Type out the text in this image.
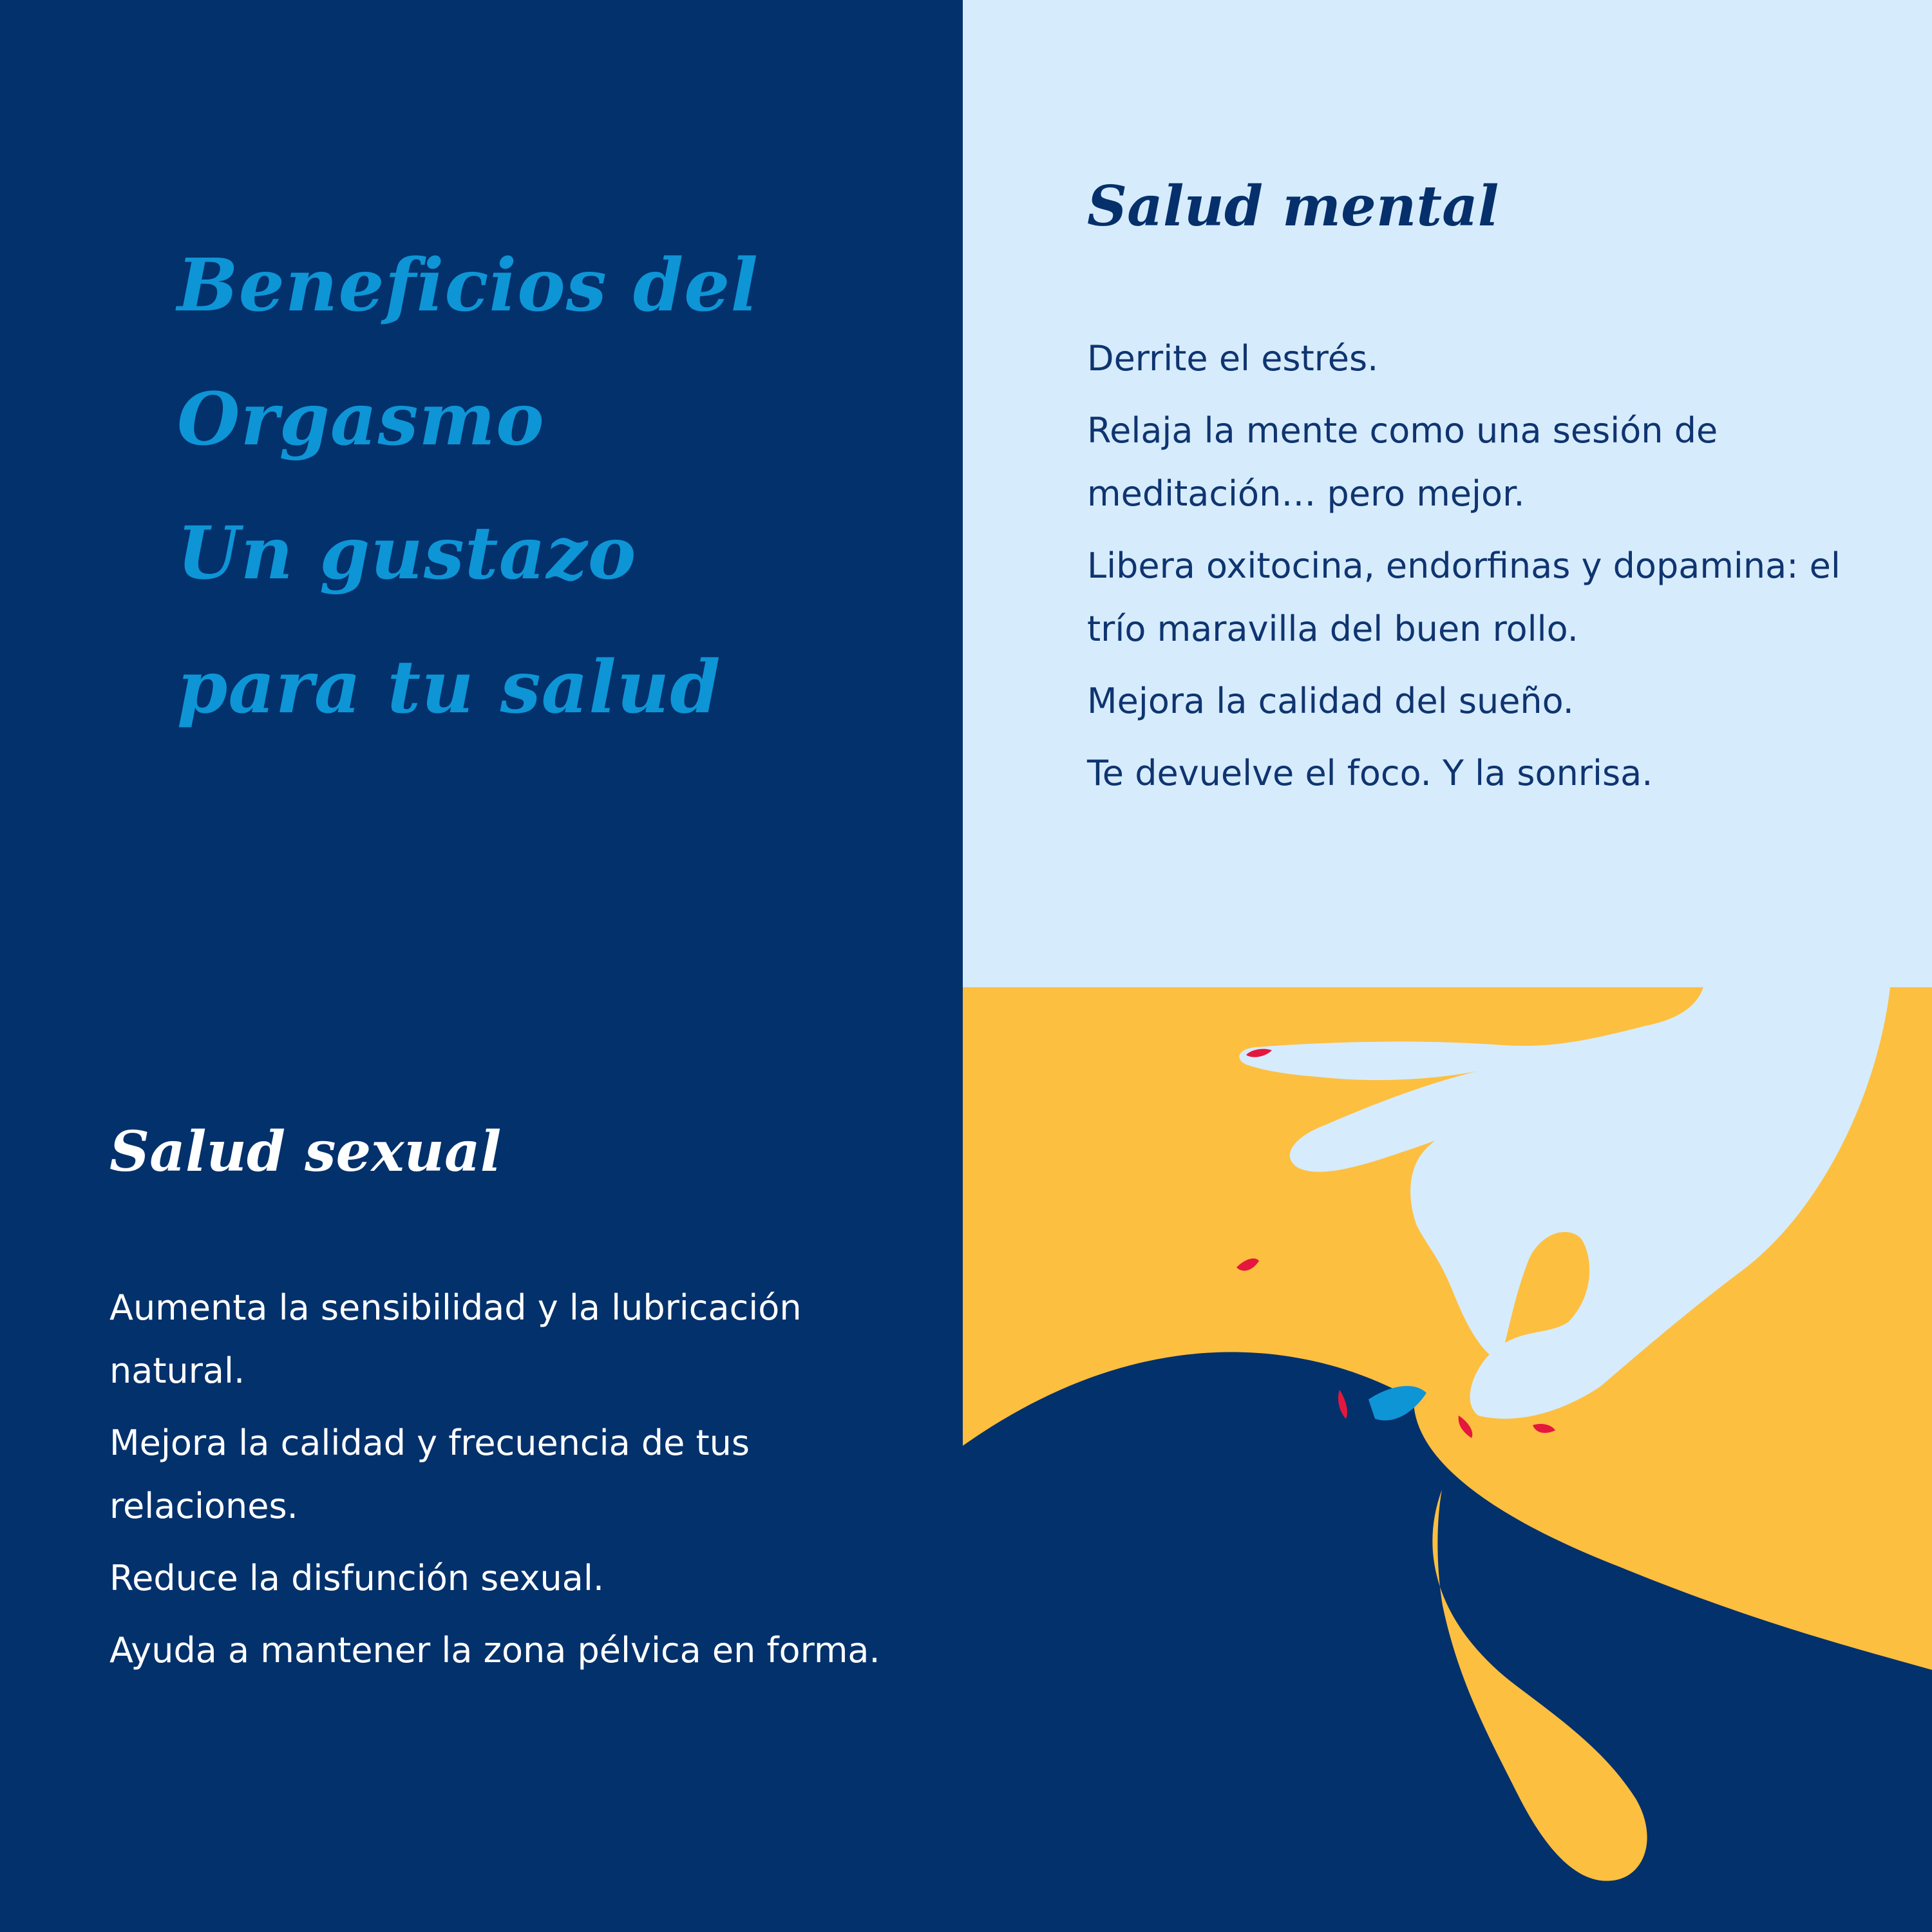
Beneficios del
Orgasmo
Un gustazo
para tu salud
Salud mental
Derrite el estrés.
Relaja la mente como una sesión de meditación… pero mejor.
Libera oxitocina, endorfinas y dopamina: el trío maravilla del buen rollo.
Mejora la calidad del sueño.
Te devuelve el foco. Y la sonrisa.
Salud sexual
Aumenta la sensibilidad y la lubricación natural.
Mejora la calidad y frecuencia de tus relaciones.
Reduce la disfunción sexual.
Ayuda a mantener la zona pélvica en forma.
